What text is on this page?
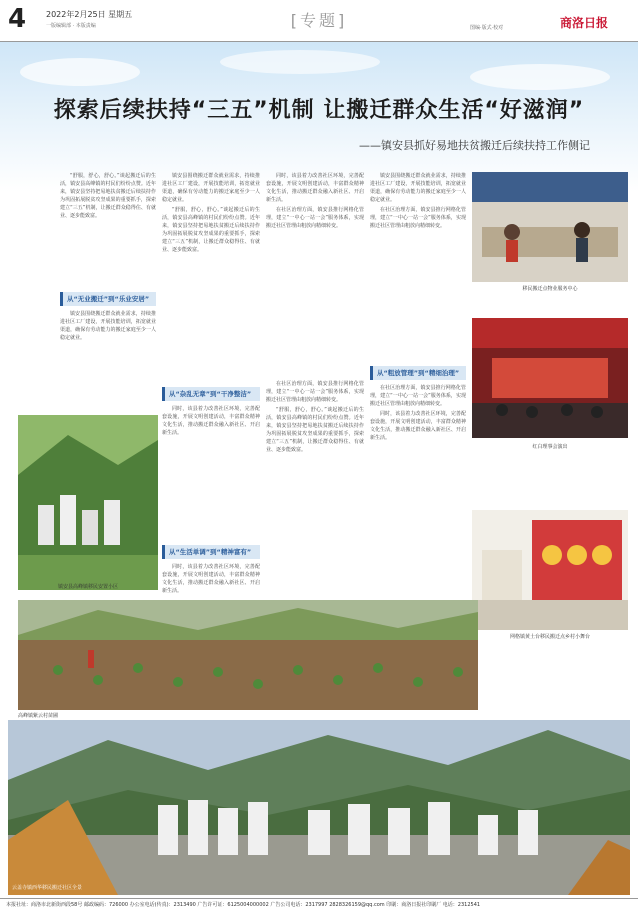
4 2022年2月25日 星期五
一版编辑部 · 本版责编	[专题]	图编·版式·校对	商洛日报
探索后续扶持“三五”机制 让搬迁群众生活“好滋润”
——镇安县抓好易地扶贫搬迁后续扶持工作侧记

“舒服，舒心，舒心。”谈起搬迁后的生活，镇安县高峰镇的村民们纷纷点赞。近年来，镇安县坚持把易地扶贫搬迁后续扶持作为巩固拓展脱贫攻坚成果的重要抓手，探索建立“三五”机制，让搬迁群众稳得住、有就业、逐步能致富。

从“无业搬迁”到“乐业安居”

镇安县围绕搬迁群众就业需求，持续推进社区工厂建设，开展技能培训，拓宽就业渠道，确保有劳动能力的搬迁家庭至少一人稳定就业。

镇安县高峰镇移民安置小区

镇安县围绕搬迁群众就业需求，持续推进社区工厂建设，开展技能培训，拓宽就业渠道，确保有劳动能力的搬迁家庭至少一人稳定就业。

“舒服，舒心，舒心。”谈起搬迁后的生活，镇安县高峰镇的村民们纷纷点赞。近年来，镇安县坚持把易地扶贫搬迁后续扶持作为巩固拓展脱贫攻坚成果的重要抓手，探索建立“三五”机制，让搬迁群众稳得住、有就业、逐步能致富。

从“杂乱无章”到“干净整洁”

同时，该县着力改善社区环境，完善配套设施，开展文明创建活动，丰富群众精神文化生活，推动搬迁群众融入新社区、开启新生活。

从“生活单调”到“精神富有”

同时，该县着力改善社区环境，完善配套设施，开展文明创建活动，丰富群众精神文化生活，推动搬迁群众融入新社区、开启新生活。

同时，该县着力改善社区环境，完善配套设施，开展文明创建活动，丰富群众精神文化生活，推动搬迁群众融入新社区、开启新生活。

在社区治理方面，镇安县推行网格化管理，建立“一中心一站一会”服务体系，实现搬迁社区管理由粗放向精细转变。

在社区治理方面，镇安县推行网格化管理，建立“一中心一站一会”服务体系，实现搬迁社区管理由粗放向精细转变。

“舒服，舒心，舒心。”谈起搬迁后的生活，镇安县高峰镇的村民们纷纷点赞。近年来，镇安县坚持把易地扶贫搬迁后续扶持作为巩固拓展脱贫攻坚成果的重要抓手，探索建立“三五”机制，让搬迁群众稳得住、有就业、逐步能致富。

镇安县围绕搬迁群众就业需求，持续推进社区工厂建设，开展技能培训，拓宽就业渠道，确保有劳动能力的搬迁家庭至少一人稳定就业。

在社区治理方面，镇安县推行网格化管理，建立“一中心一站一会”服务体系，实现搬迁社区管理由粗放向精细转变。

从“粗放管理”到“精细治理”

在社区治理方面，镇安县推行网格化管理，建立“一中心一站一会”服务体系，实现搬迁社区管理由粗放向精细转变。

同时，该县着力改善社区环境，完善配套设施，开展文明创建活动，丰富群众精神文化生活，推动搬迁群众融入新社区、开启新生活。

移民搬迁点物业服务中心
红白理事会演出
网格镇黄土台移民搬迁点乡村小舞台
高峰镇紫云村苗圃
云盖寺镇西华移民搬迁社区全景
本报社址：商洛市北新街西段58号 邮政编码：726000 办公室电话(传真)：2313490 广告许可证：6125004000002 广告公司电话：2317997 2828326159@qq.com 印刷：商洛日报社印刷厂 电话：2312541
